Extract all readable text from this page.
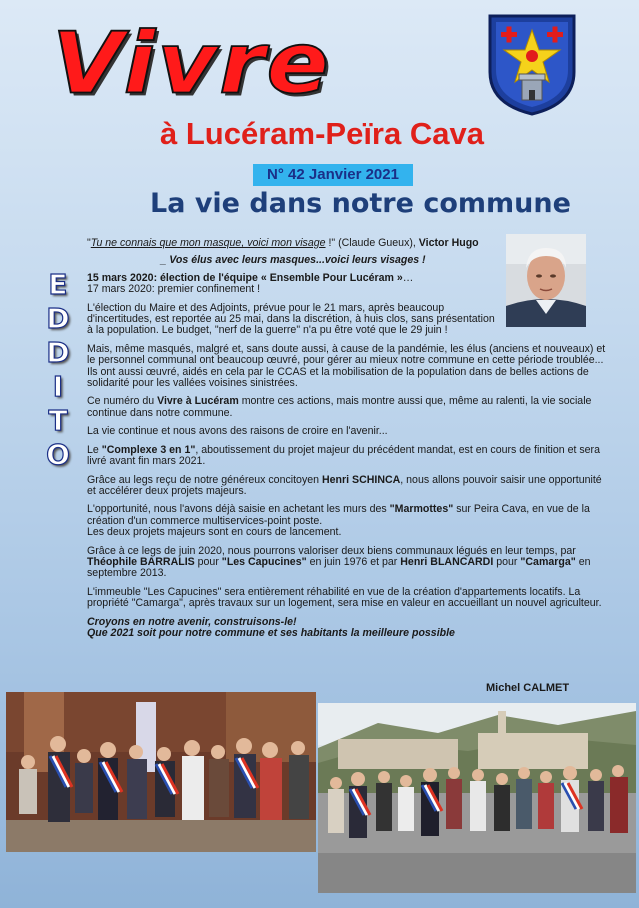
Vivre
à Lucéram-Peïra Cava
N° 42 Janvier 2021
La vie dans notre commune
E
D
D
I
T
O

"Tu ne connais que mon masque, voici mon visage !" (Claude Gueux), Victor Hugo

_ Vos élus avec leurs masques...voici leurs visages !

15 mars 2020: élection de l'équipe « Ensemble Pour Lucéram »…
17 mars 2020: premier confinement !

L'élection du Maire et des Adjoints, prévue pour le 21 mars, après beaucoup d'incertitudes, est reportée au 25 mai, dans la discrétion, à huis clos, sans présentation à la population. Le budget, "nerf de la guerre" n'a pu être voté que le 29 juin !

Mais, même masqués, malgré et, sans doute aussi, à cause de la pandémie, les élus (anciens et nouveaux) et le personnel communal ont beaucoup œuvré, pour gérer au mieux notre commune en cette période troublée... Ils ont aussi œuvré, aidés en cela par le CCAS et la mobilisation de la population dans de belles actions de solidarité pour les vallées voisines sinistrées.

Ce numéro du Vivre à Lucéram montre ces actions, mais montre aussi que, même au ralenti, la vie sociale continue dans notre commune.

La vie continue et nous avons des raisons de croire en l'avenir...

Le "Complexe 3 en 1", aboutissement du projet majeur du précédent mandat, est en cours de finition et sera livré avant fin mars 2021.

Grâce au legs reçu de notre généreux concitoyen Henri SCHINCA, nous allons pouvoir saisir une opportunité et accélérer deux projets majeurs.

L'opportunité, nous l'avons déjà saisie en achetant les murs des "Marmottes" sur Peira Cava, en vue de la création d'un commerce multiservices-point poste.
Les deux projets majeurs sont en cours de lancement.

Grâce à ce legs de juin 2020, nous pourrons valoriser deux biens communaux légués en leur temps, par Théophile BARRALIS pour "Les Capucines" en juin 1976 et par Henri BLANCARDI pour "Camarga" en septembre 2013.

L'immeuble "Les Capucines" sera entièrement réhabilité en vue de la création d'appartements locatifs. La propriété "Camarga", après travaux sur un logement, sera mise en valeur en accueillant un nouvel agriculteur.

Croyons en notre avenir, construisons-le!

Que 2021 soit pour notre commune et ses habitants la meilleure possible

Michel CALMET
